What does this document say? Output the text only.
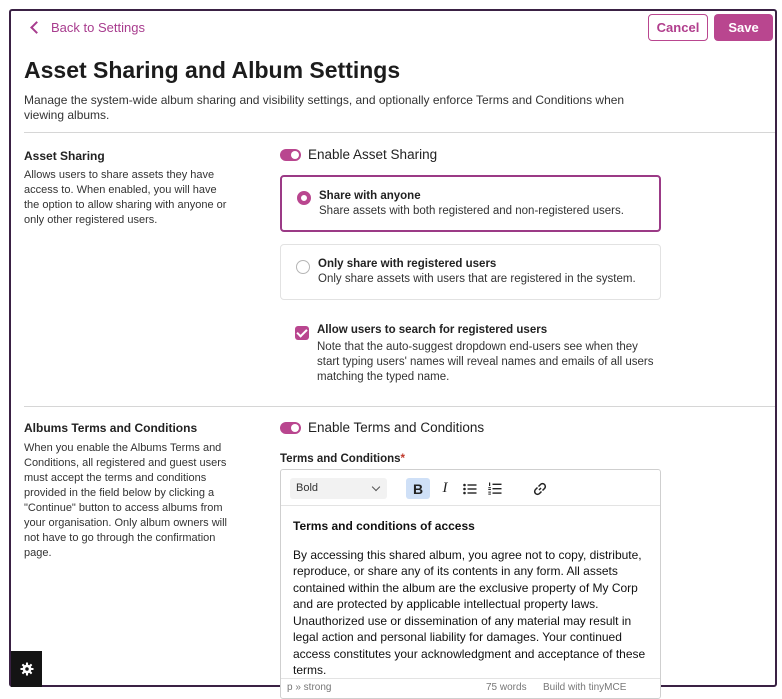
Back to Settings	Cancel	Save
Asset Sharing and Album Settings

Manage the system-wide album sharing and visibility settings, and optionally enforce Terms and Conditions when viewing albums.

Asset Sharing
Allows users to share assets they have access to. When enabled, you will have the option to allow sharing with anyone or only other registered users.
Enable Asset Sharing
Share with anyone
Share assets with both registered and non-registered users.
Only share with registered users
Only share assets with users that are registered in the system.
Allow users to search for registered users
Note that the auto-suggest dropdown end-users see when they start typing users' names will reveal names and emails of all users matching the typed name.
Albums Terms and Conditions
When you enable the Albums Terms and Conditions, all registered and guest users must accept the terms and conditions provided in the field below by clicking a "Continue" button to access albums from your organisation. Only album owners will not have to go through the confirmation page.
Enable Terms and Conditions
Terms and Conditions*
Bold	B	I
Terms and conditions of access
By accessing this shared album, you agree not to copy, distribute, reproduce, or share any of its contents in any form. All assets contained within the album are the exclusive property of My Corp and are protected by applicable intellectual property laws. Unauthorized use or dissemination of any material may result in legal action and personal liability for damages. Your continued access constitutes your acknowledgment and acceptance of these terms.
p » strong	75 words Build with tinyMCE
